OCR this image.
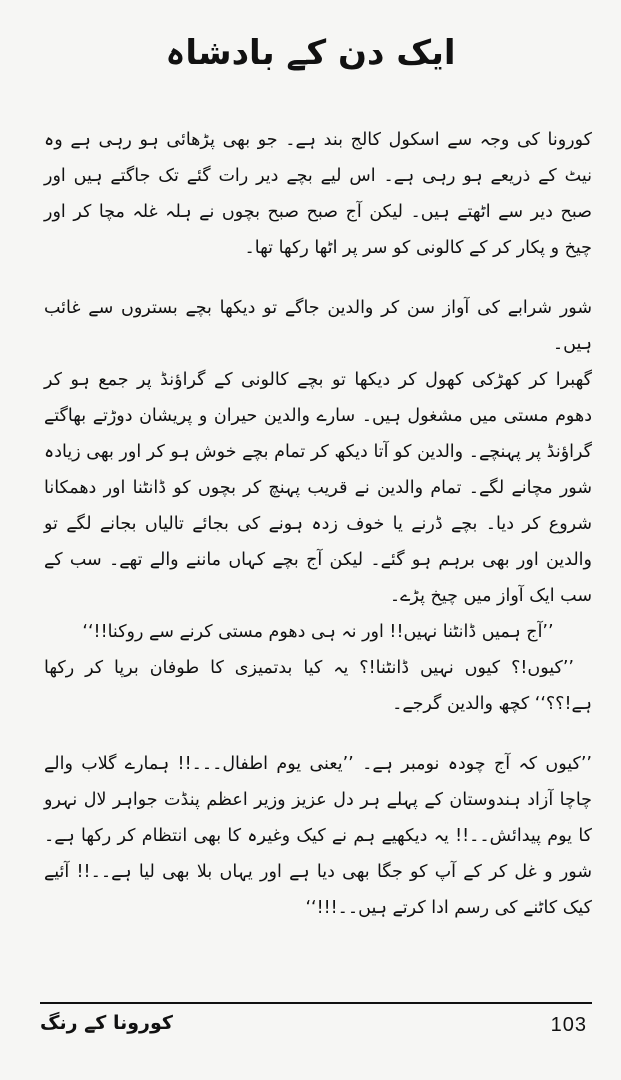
ایک دن کے بادشاہ

کورونا کی وجہ سے اسکول کالج بند ہے۔ جو بھی پڑھائی ہو رہی ہے وہ نیٹ کے ذریعے ہو رہی ہے۔ اس لیے بچے دیر رات گئے تک جاگتے ہیں اور صبح دیر سے اٹھتے ہیں۔ لیکن آج صبح صبح بچوں نے ہلہ غلہ مچا کر اور چیخ و پکار کر کے کالونی کو سر پر اٹھا رکھا تھا۔

شور شرابے کی آواز سن کر والدین جاگے تو دیکھا بچے بستروں سے غائب ہیں۔

گھبرا کر کھڑکی کھول کر دیکھا تو بچے کالونی کے گراؤنڈ پر جمع ہو کر دھوم مستی میں مشغول ہیں۔ سارے والدین حیران و پریشان دوڑتے بھاگتے گراؤنڈ پر پہنچے۔ والدین کو آتا دیکھ کر تمام بچے خوش ہو کر اور بھی زیادہ شور مچانے لگے۔ تمام والدین نے قریب پہنچ کر بچوں کو ڈانٹنا اور دھمکانا شروع کر دیا۔ بچے ڈرنے یا خوف زدہ ہونے کی بجائے تالیاں بجانے لگے تو والدین اور بھی برہم ہو گئے۔ لیکن آج بچے کہاں ماننے والے تھے۔ سب کے سب ایک آواز میں چیخ پڑے۔

’’آج ہمیں ڈانٹنا نہیں!! اور نہ ہی دھوم مستی کرنے سے روکنا!!‘‘

’’کیوں!؟ کیوں نہیں ڈانٹنا!؟ یہ کیا بدتمیزی کا طوفان برپا کر رکھا ہے!؟؟‘‘ کچھ والدین گرجے۔

’’کیوں کہ آج چودہ نومبر ہے۔ ’’یعنی یوم اطفال۔۔۔!! ہمارے گلاب والے چاچا آزاد ہندوستان کے پہلے ہر دل عزیز وزیر اعظم پنڈت جواہر لال نہرو کا یوم پیدائش۔۔!! یہ دیکھیے ہم نے کیک وغیرہ کا بھی انتظام کر رکھا ہے۔ شور و غل کر کے آپ کو جگا بھی دیا ہے اور یہاں بلا بھی لیا ہے۔۔!! آئیے کیک کاٹنے کی رسم ادا کرتے ہیں۔۔!!!‘‘

کورونا کے رنگ	103
